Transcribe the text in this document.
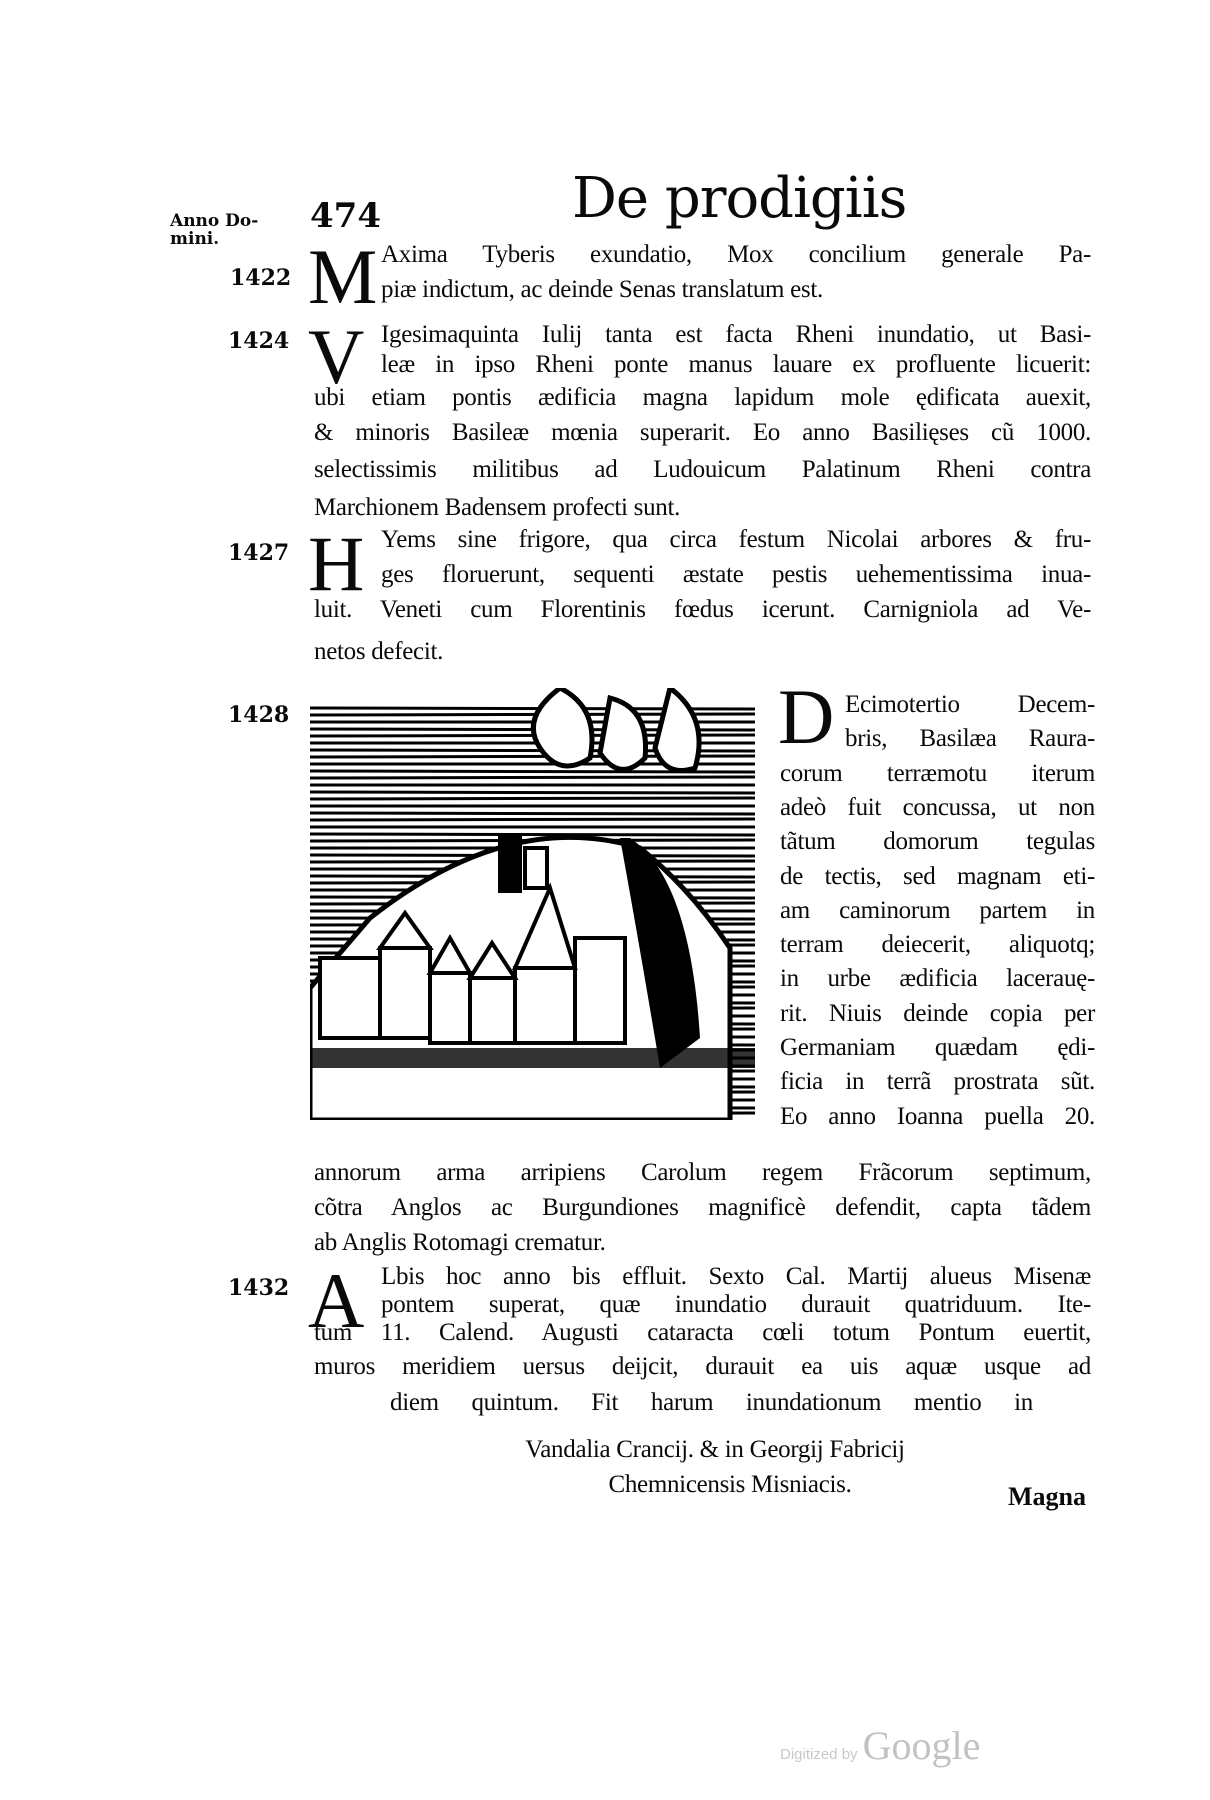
Anno Do-
mini.
474	De prodigiis
1422 M Axima Tyberis exundatio, Mox concilium generale Pa-
piæ indictum, ac deinde Senas translatum est.
1424 V Igesimaquinta Iulij tanta est facta Rheni inundatio, ut Basi-
leæ in ipso Rheni ponte manus lauare ex profluente licuerit:
ubi etiam pontis ædificia magna lapidum mole ędificata auexit,
& minoris Basileæ mœnia superarit. Eo anno Basilięses cũ 1000.
selectissimis militibus ad Ludouicum Palatinum Rheni contra
Marchionem Badensem profecti sunt.
1427 H Yems sine frigore, qua circa festum Nicolai arbores & fru-
ges floruerunt, sequenti æstate pestis uehementissima inua-
luit. Veneti cum Florentinis fœdus icerunt. Carnigniola ad Ve-
netos defecit.
1428	D Ecimotertio Decem-
bris, Basilæa Raura-
corum terræmotu iterum
adeò fuit concussa, ut non
tãtum domorum tegulas
de tectis, sed magnam eti-
am caminorum partem in
terram deiecerit, aliquotq;
in urbe ædificia lacerauę-
rit. Niuis deinde copia per
Germaniam quædam ędi-
ficia in terrã prostrata sũt.
Eo anno Ioanna puella 20.
annorum arma arripiens Carolum regem Frãcorum septimum,
cõtra Anglos ac Burgundiones magnificè defendit, capta tãdem
ab Anglis Rotomagi crematur.
1432 A Lbis hoc anno bis effluit. Sexto Cal. Martij alueus Misenæ
pontem superat, quæ inundatio durauit quatriduum. Ite-
tum 11. Calend. Augusti cataracta cœli totum Pontum euertit,
muros meridiem uersus deijcit, durauit ea uis aquæ usque ad
diem quintum. Fit harum inundationum mentio in
Vandalia Crancij. & in Georgij Fabricij
Chemnicensis Misniacis.	Magna
Digitized by Google
